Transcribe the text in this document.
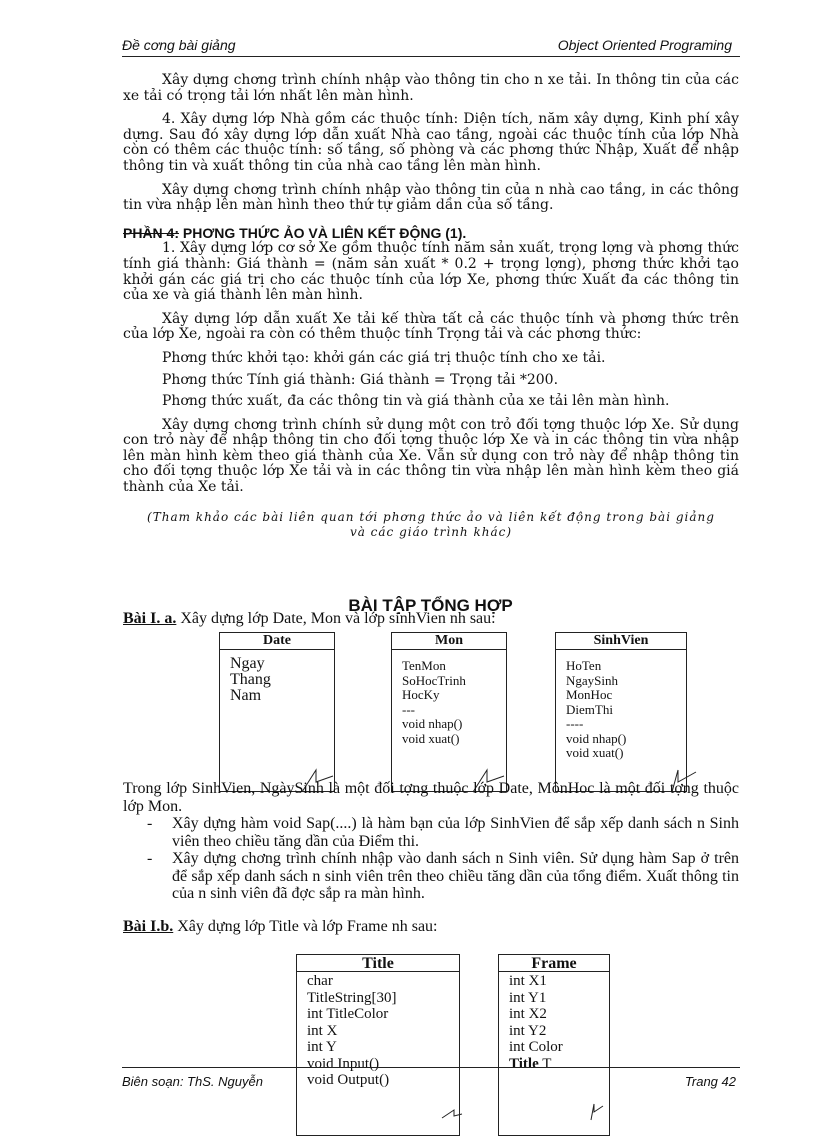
Đề cơng bài giảng	Object Oriented Programing

Xây dựng chơng trình chính nhập vào thông tin cho n xe tải. In thông tin của các xe tải có trọng tải lớn nhất lên màn hình.

4. Xây dựng lớp Nhà gồm các thuộc tính: Diện tích, năm xây dựng, Kinh phí xây dựng. Sau đó xây dựng lớp dẫn xuất Nhà cao tầng, ngoài các thuộc tính của lớp Nhà còn có thêm các thuộc tính: số tầng, số phòng và các phơng thức Nhập, Xuất để nhập thông tin và xuất thông tin của nhà cao tầng lên màn hình.

Xây dựng chơng trình chính nhập vào thông tin của n nhà cao tầng, in các thông tin vừa nhập lên màn hình theo thứ tự giảm dần của số tầng.

PHẦN 4: PHƠNG THỨC ẢO VÀ LIÊN KẾT ĐỘNG (1).

1. Xây dựng lớp cơ sở Xe gồm thuộc tính năm sản xuất, trọng lợng và phơng thức tính giá thành: Giá thành = (năm sản xuất * 0.2 + trọng lợng), phơng thức khởi tạo khởi gán các giá trị cho các thuộc tính của lớp Xe, phơng thức Xuất đa các thông tin của xe và giá thành lên màn hình.

Xây dựng lớp dẫn xuất Xe tải kế thừa tất cả các thuộc tính và phơng thức trên của lớp Xe, ngoài ra còn có thêm thuộc tính Trọng tải và các phơng thức:

Phơng thức khởi tạo: khởi gán các giá trị thuộc tính cho xe tải.

Phơng thức Tính giá thành: Giá thành = Trọng tải *200.

Phơng thức xuất, đa các thông tin và giá thành của xe tải lên màn hình.

Xây dựng chơng trình chính sử dụng một con trỏ đối tợng thuộc lớp Xe. Sử dụng con trỏ này để nhập thông tin cho đối tợng thuộc lớp Xe và in các thông tin vừa nhập lên màn hình kèm theo giá thành của Xe. Vẫn sử dụng con trỏ này để nhập thông tin cho đối tợng thuộc lớp Xe tải và in các thông tin vừa nhập lên màn hình kèm theo giá thành của Xe tải.

(Tham khảo các bài liên quan tới phơng thức ảo và liên kết động trong bài giảng
và các giáo trình khác)
BÀI TẬP TỔNG HỢP
Bài I. a. Xây dựng lớp Date, Mon và lớp sinhVien nh sau:
Date
Ngay
Thang
Nam
Mon
TenMon
SoHocTrinh
HocKy
---
void nhap()
void xuat()
SinhVien
HoTen
NgaySinh
MonHoc
DiemThi
----
void nhap()
void xuat()

Trong lớp SinhVien, NgàySinh là một đối tợng thuộc lớp Date, MônHoc là một đối tợng thuộc lớp Mon.

- Xây dựng hàm void Sap(....) là hàm bạn của lớp SinhVien để sắp xếp danh sách n Sinh viên theo chiều tăng dần của Điểm thi.

- Xây dựng chơng trình chính nhập vào danh sách n Sinh viên. Sử dụng hàm Sap ở trên để sắp xếp danh sách n sinh viên trên theo chiều tăng dần của tổng điểm. Xuất thông tin của n sinh viên đã đợc sắp ra màn hình.

Bài I.b. Xây dựng lớp Title và lớp Frame nh sau:
Title
char
TitleString[30]
int TitleColor
int X
int Y
void Input()
void Output()
Frame
int X1
int Y1
int X2
int Y2
int Color
Title T
Biên soạn: ThS. Nguyễn	Trang 42
